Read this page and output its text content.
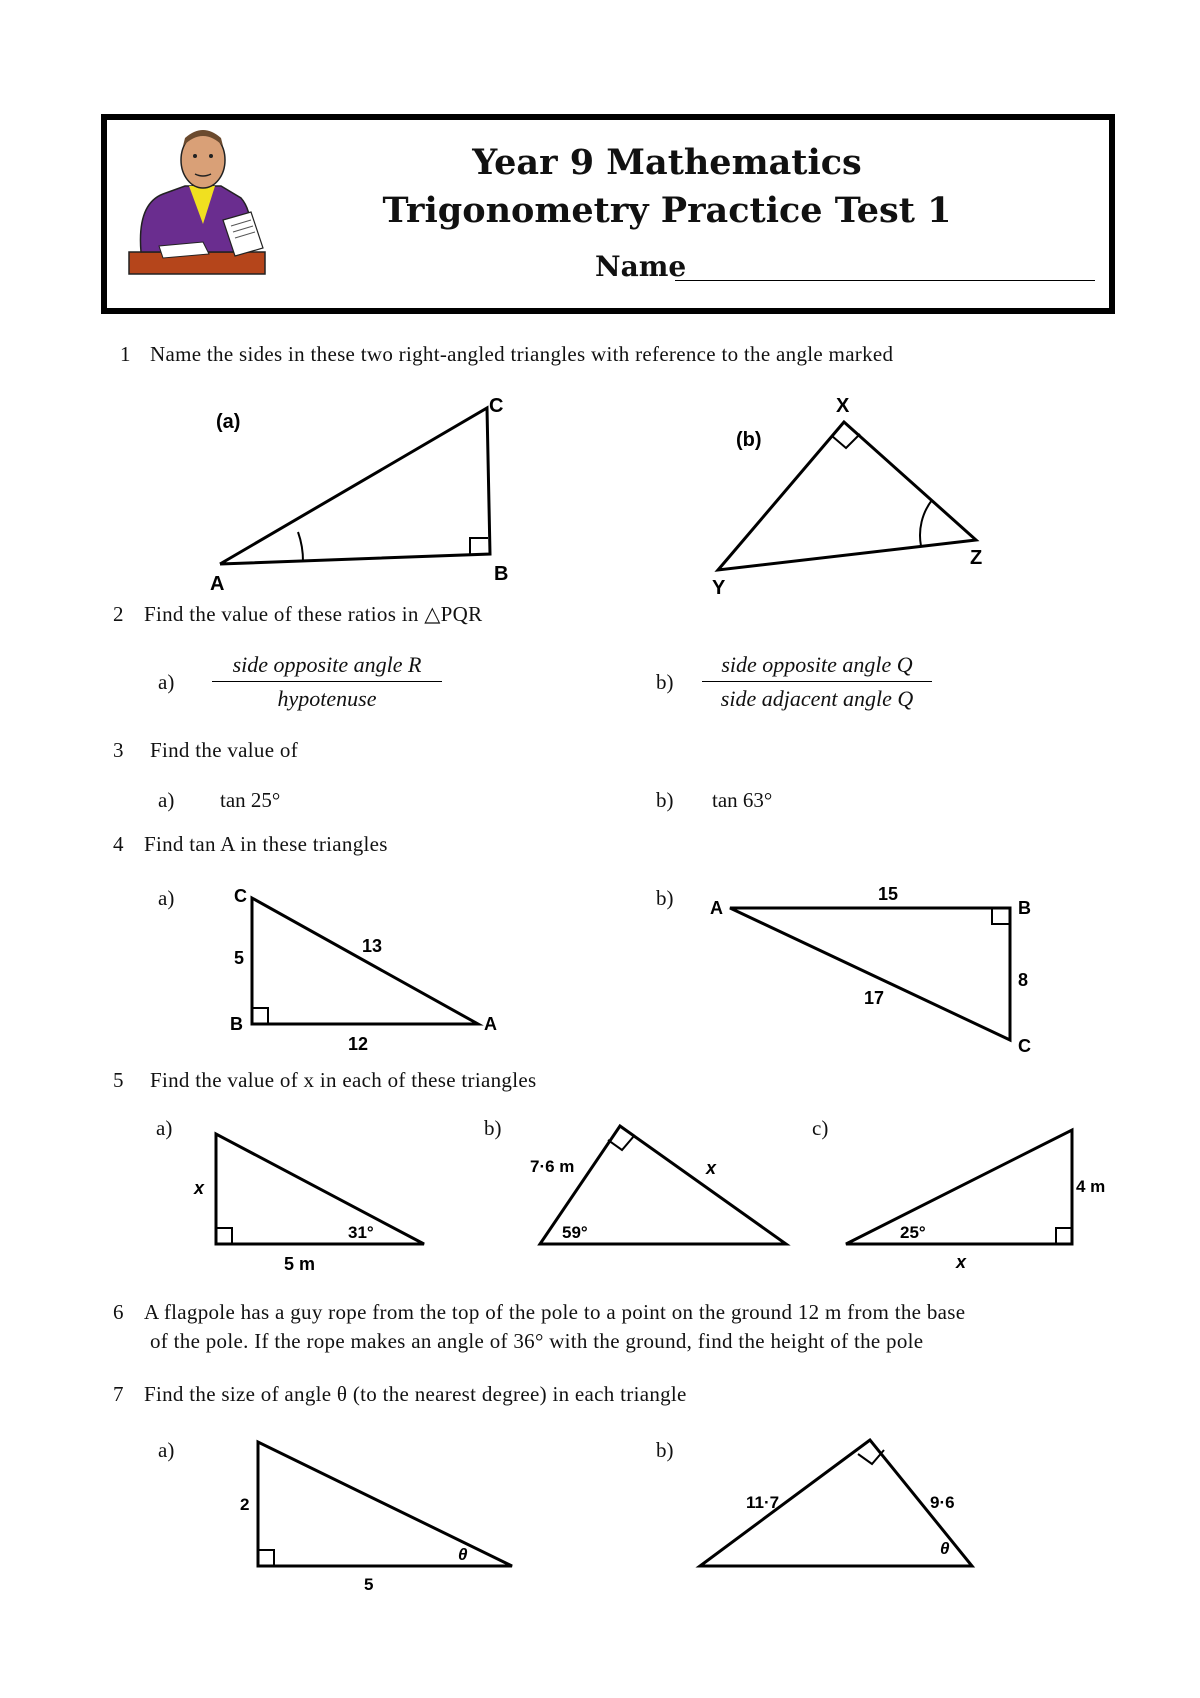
Year 9 Mathematics
Trigonometry Practice Test 1
Name
1 Name the sides in these two right-angled triangles with reference to the angle marked
(a)
A	B
C
(b)
X
Y
Z
2 Find the value of these ratios in △PQR
a)
side opposite angle R
hypotenuse
b)
side opposite angle Q
side adjacent angle Q
3 Find the value of
a) tan 25°	b) tan 63°
4 Find tan A in these triangles
a)	C
B	A
5
13
12
b) A	B
C
15
8
17
5 Find the value of x in each of these triangles
a)
x
5 m
31°
b)
7·6 m	x
59°
c)
4 m
x
25°
6 A flagpole has a guy rope from the top of the pole to a point on the ground 12 m from the base
of the pole. If the rope makes an angle of 36° with the ground, find the height of the pole
7 Find the size of angle θ (to the nearest degree) in each triangle
a)
2
5
θ
b)
11·7	9·6
θ
